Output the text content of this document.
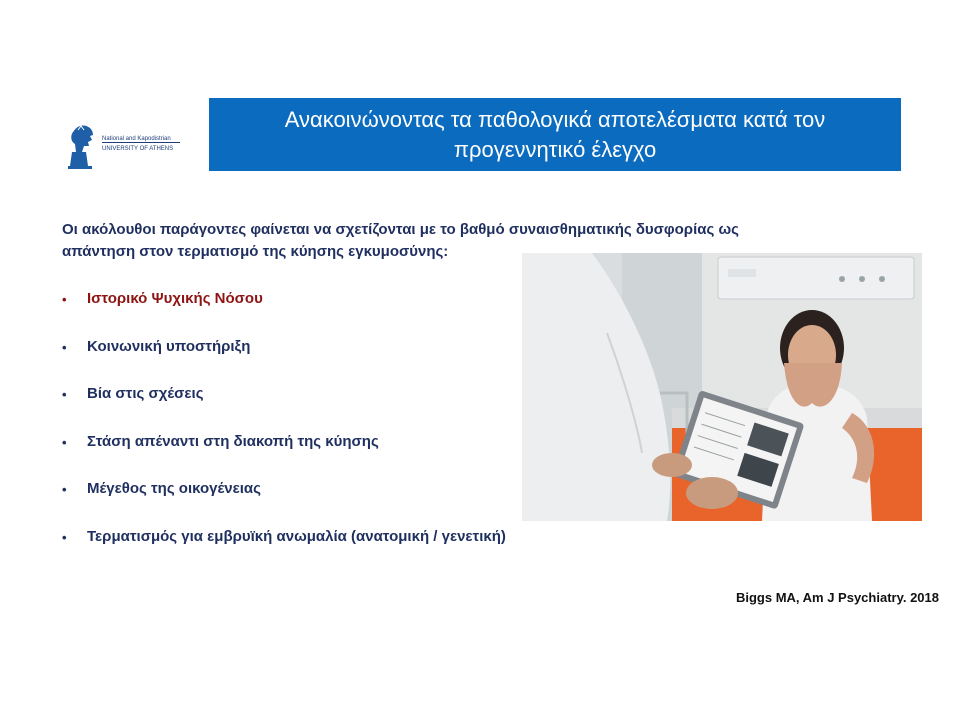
National and Kapodistrian
UNIVERSITY OF ATHENS
Ανακοινώνοντας τα παθολογικά αποτελέσματα κατά τον
προγεννητικό έλεγχο
Οι ακόλουθοι παράγοντες φαίνεται να σχετίζονται με το βαθμό συναισθηματικής δυσφορίας ως
απάντηση στον τερματισμό της κύησης εγκυμοσύνης:
• Ιστορικό Ψυχικής Νόσου
• Κοινωνική υποστήριξη
• Βία στις σχέσεις
• Στάση απέναντι στη διακοπή της κύησης
• Μέγεθος της οικογένειας
• Τερματισμός για εμβρυϊκή ανωμαλία (ανατομική / γενετική)
Biggs MA, Am J Psychiatry. 2018
